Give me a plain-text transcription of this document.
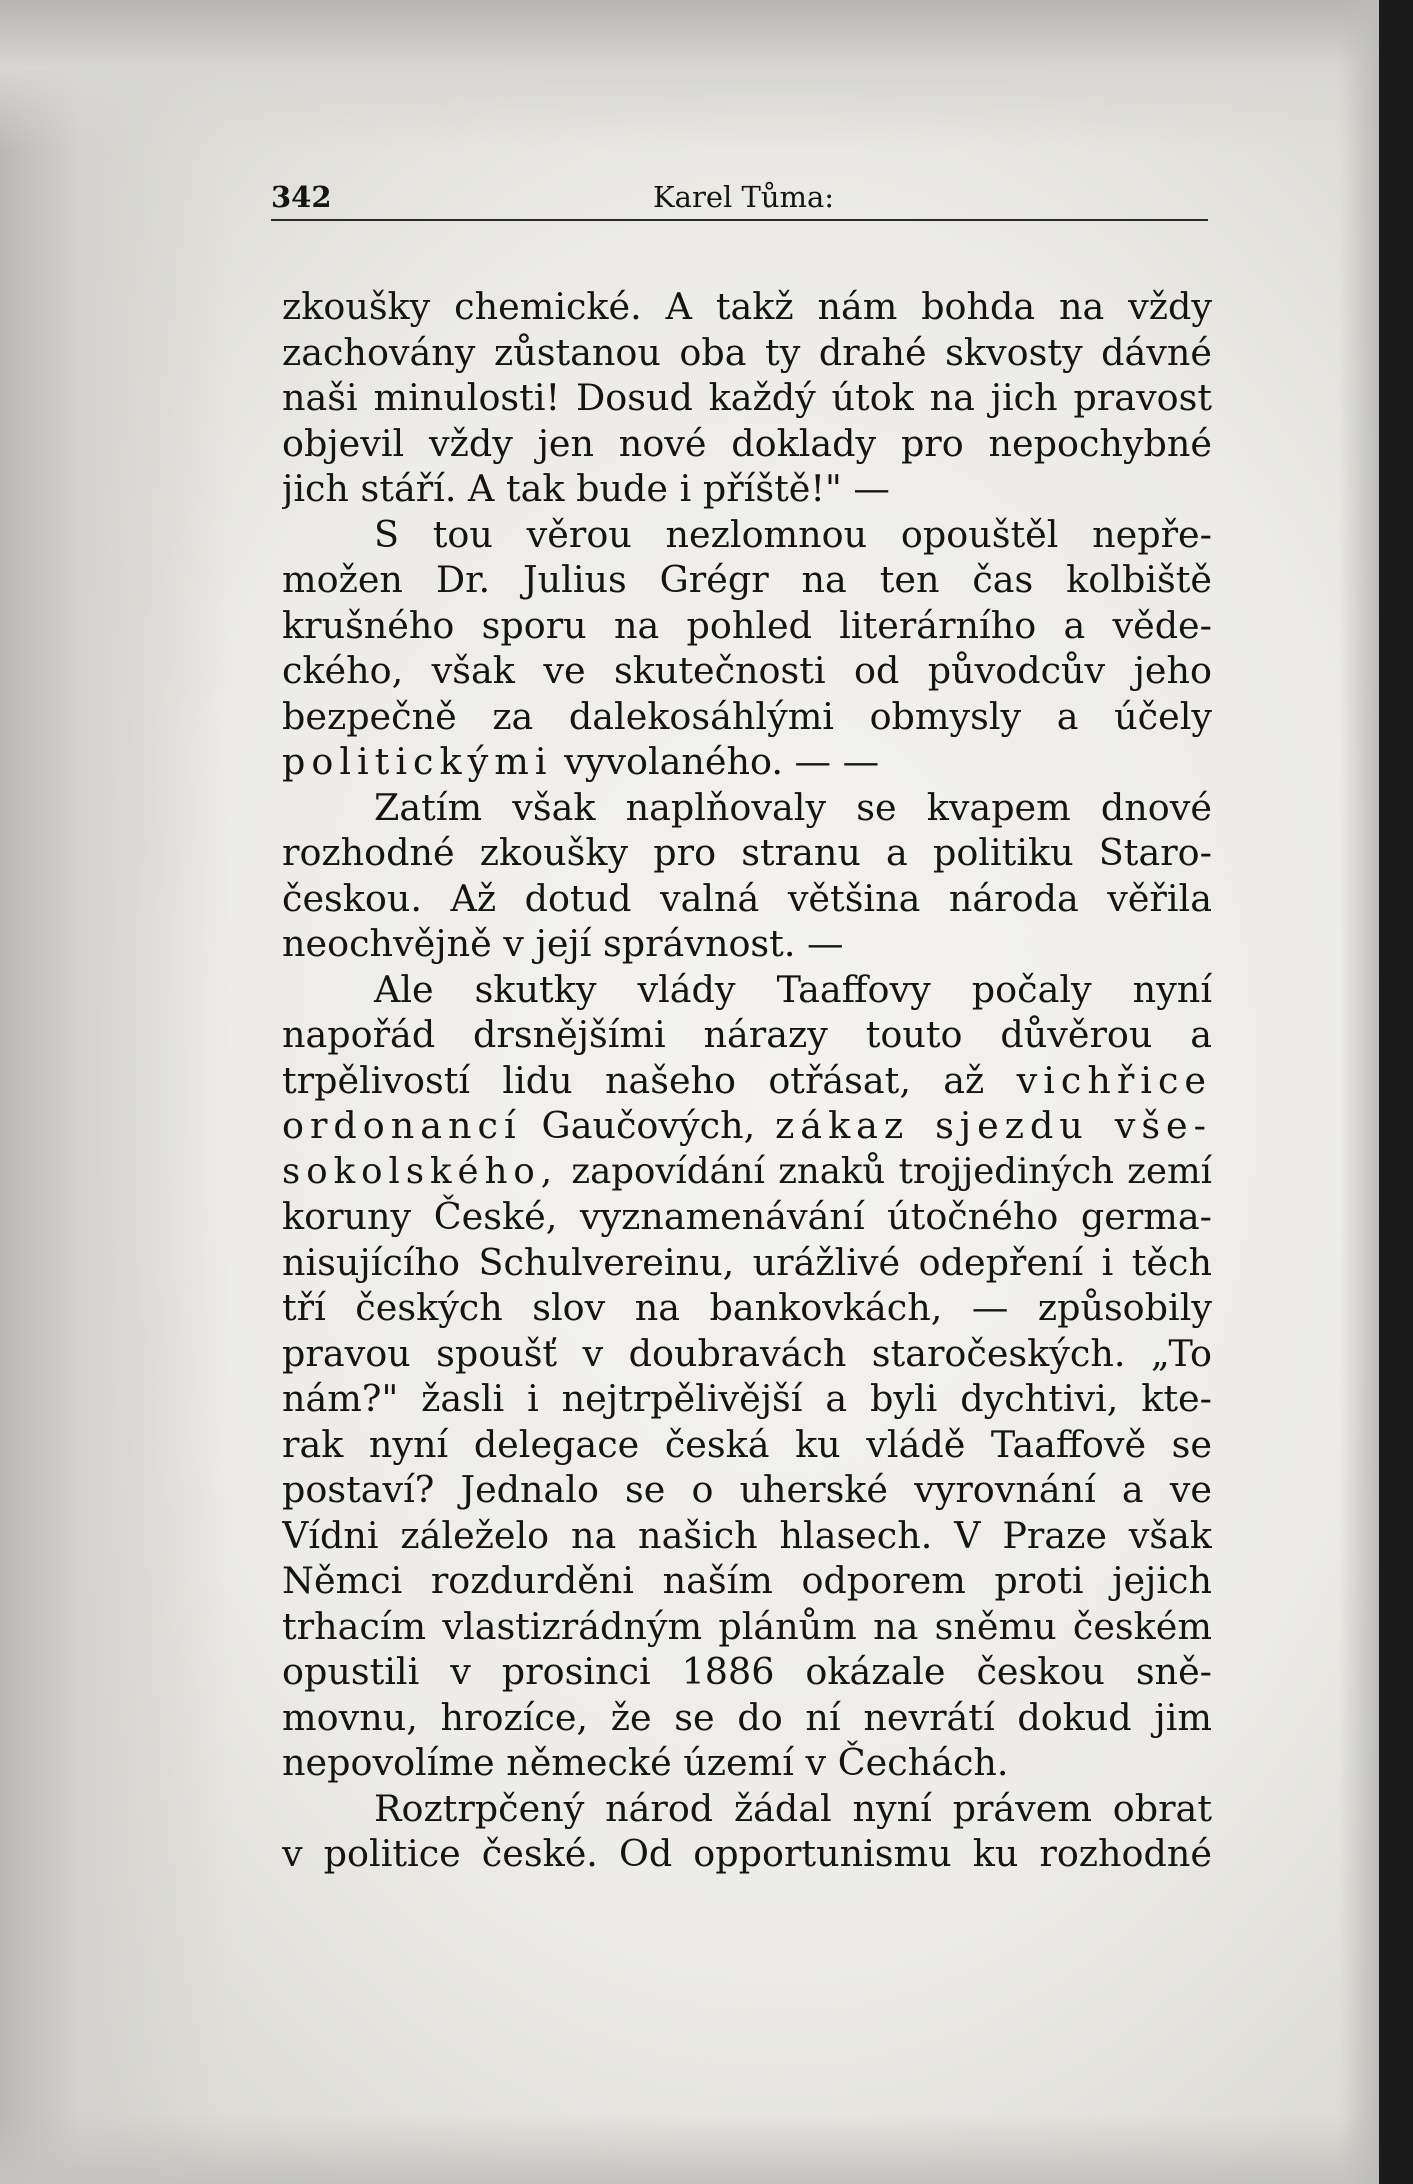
342	Karel Tůma:
zkoušky chemické. A takž nám bohda na vždy
zachovány zůstanou oba ty drahé skvosty dávné
naši minulosti! Dosud každý útok na jich pravost
objevil vždy jen nové doklady pro nepochybné
jich stáří. A tak bude i příště!" —
S tou věrou nezlomnou opouštěl nepře-
možen Dr. Julius Grégr na ten čas kolbiště
krušného sporu na pohled literárního a věde-
ckého, však ve skutečnosti od původcův jeho
bezpečně za dalekosáhlými obmysly a účely
politickými vyvolaného. — —
Zatím však naplňovaly se kvapem dnové
rozhodné zkoušky pro stranu a politiku Staro-
českou. Až dotud valná většina národa věřila
neochvějně v její správnost. —
Ale skutky vlády Taaffovy počaly nyní
napořád drsnějšími nárazy touto důvěrou a
trpělivostí lidu našeho otřásat, až vichřice
ordonancí Gaučových, zákaz sjezdu vše-
sokolského, zapovídání znaků trojjediných zemí
koruny České, vyznamenávání útočného germa-
nisujícího Schulvereinu, urážlivé odepření i těch
tří českých slov na bankovkách, — způsobily
pravou spoušť v doubravách staročeských. „To
nám?" žasli i nejtrpělivější a byli dychtivi, kte-
rak nyní delegace česká ku vládě Taaffově se
postaví? Jednalo se o uherské vyrovnání a ve
Vídni záleželo na našich hlasech. V Praze však
Němci rozdurděni naším odporem proti jejich
trhacím vlastizrádným plánům na sněmu českém
opustili v prosinci 1886 okázale českou sně-
movnu, hrozíce, že se do ní nevrátí dokud jim
nepovolíme německé území v Čechách.
Roztrpčený národ žádal nyní právem obrat
v politice české. Od opportunismu ku rozhodné
